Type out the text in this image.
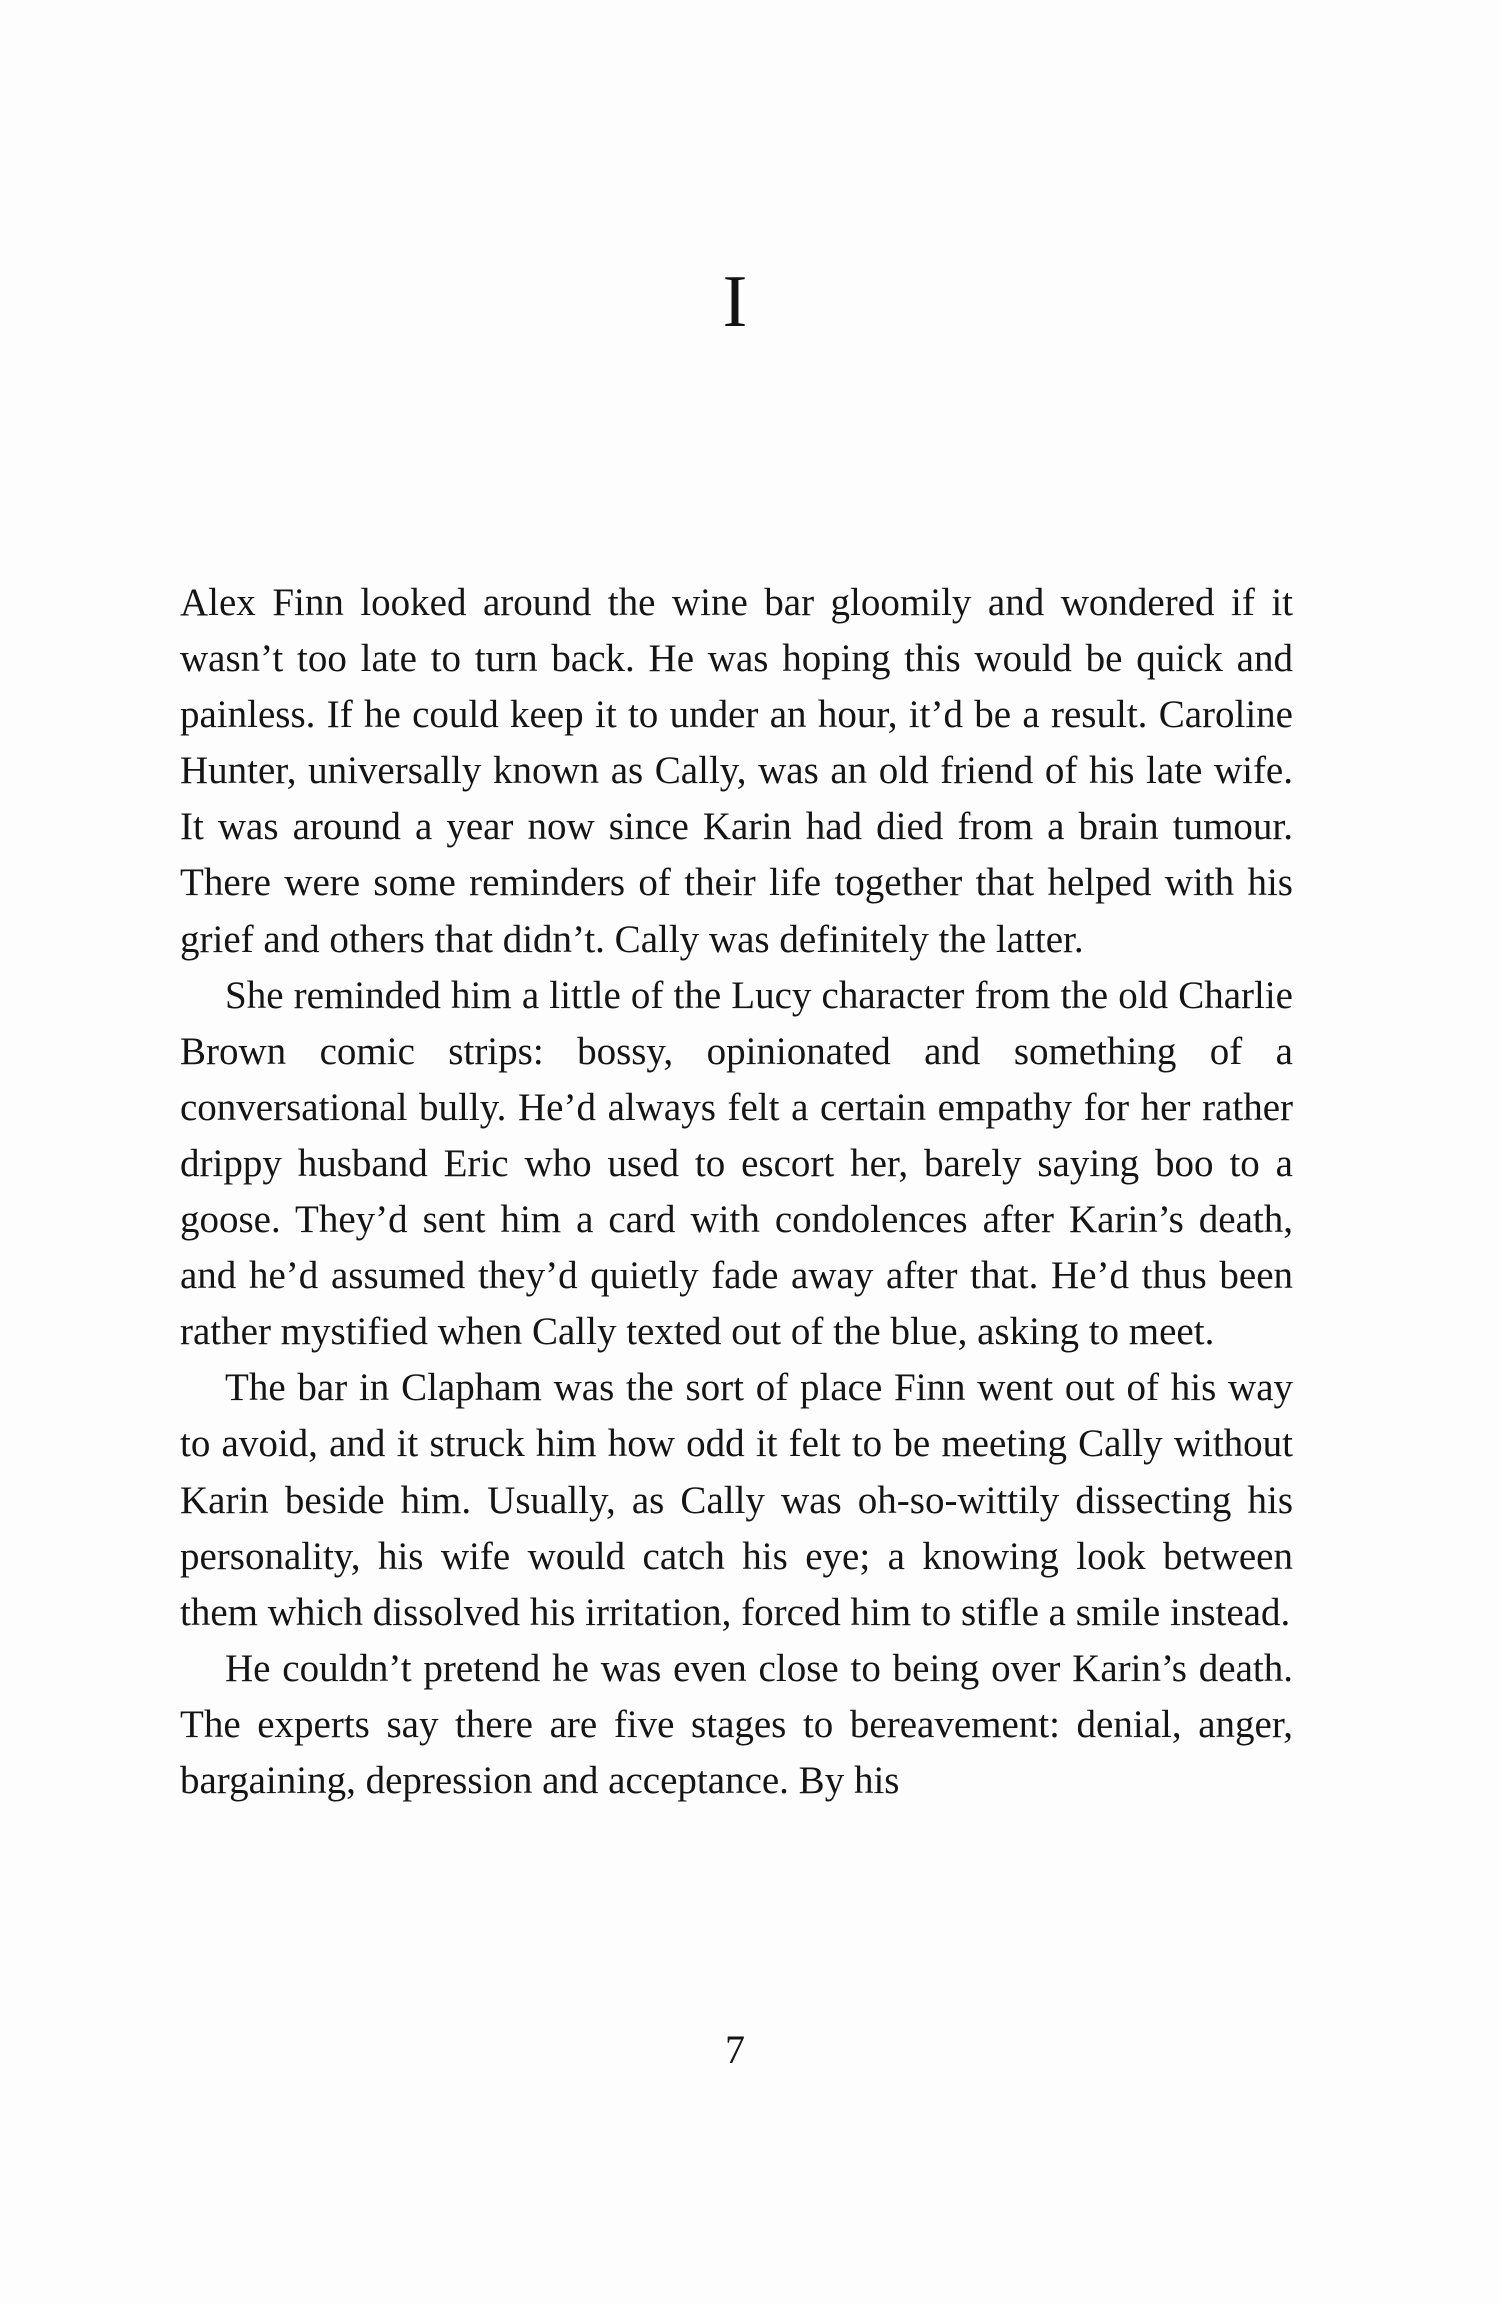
I

Alex Finn looked around the wine bar gloomily and wondered if it wasn’t too late to turn back. He was hoping this would be quick and painless. If he could keep it to under an hour, it’d be a result. Caroline Hunter, universally known as Cally, was an old friend of his late wife. It was around a year now since Karin had died from a brain tumour. There were some reminders of their life together that helped with his grief and others that didn’t. Cally was definitely the latter.

She reminded him a little of the Lucy character from the old Charlie Brown comic strips: bossy, opinionated and something of a conversational bully. He’d always felt a certain empathy for her rather drippy husband Eric who used to escort her, barely saying boo to a goose. They’d sent him a card with condolences after Karin’s death, and he’d assumed they’d quietly fade away after that. He’d thus been rather mystified when Cally texted out of the blue, asking to meet.

The bar in Clapham was the sort of place Finn went out of his way to avoid, and it struck him how odd it felt to be meeting Cally without Karin beside him. Usually, as Cally was oh-so-wittily dissecting his personality, his wife would catch his eye; a knowing look between them which dissolved his irritation, forced him to stifle a smile instead.

He couldn’t pretend he was even close to being over Karin’s death. The experts say there are five stages to bereavement: denial, anger, bargaining, depression and acceptance. By his

7
